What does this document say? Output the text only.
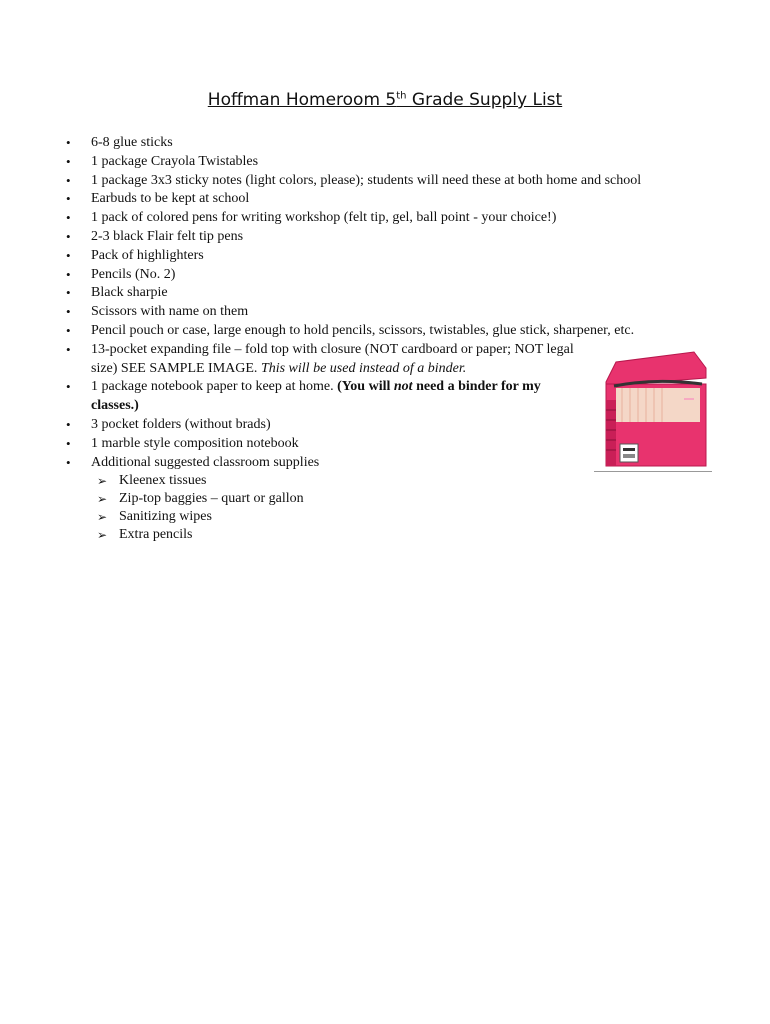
Hoffman Homeroom 5th Grade Supply List
• 6-8 glue sticks
• 1 package Crayola Twistables
• 1 package 3x3 sticky notes (light colors, please); students will need these at both home and school
• Earbuds to be kept at school
• 1 pack of colored pens for writing workshop (felt tip, gel, ball point - your choice!)
• 2-3 black Flair felt tip pens
• Pack of highlighters
• Pencils (No. 2)
• Black sharpie
• Scissors with name on them
• Pencil pouch or case, large enough to hold pencils, scissors, twistables, glue stick, sharpener, etc.
• 13-pocket expanding file – fold top with closure (NOT cardboard or paper; NOT legal size) SEE SAMPLE IMAGE. This will be used instead of a binder.
• 1 package notebook paper to keep at home. (You will not need a binder for my classes.)
• 3 pocket folders (without brads)
• 1 marble style composition notebook
• Additional suggested classroom supplies
➢ Kleenex tissues
➢ Zip-top baggies – quart or gallon
➢ Sanitizing wipes
➢ Extra pencils
